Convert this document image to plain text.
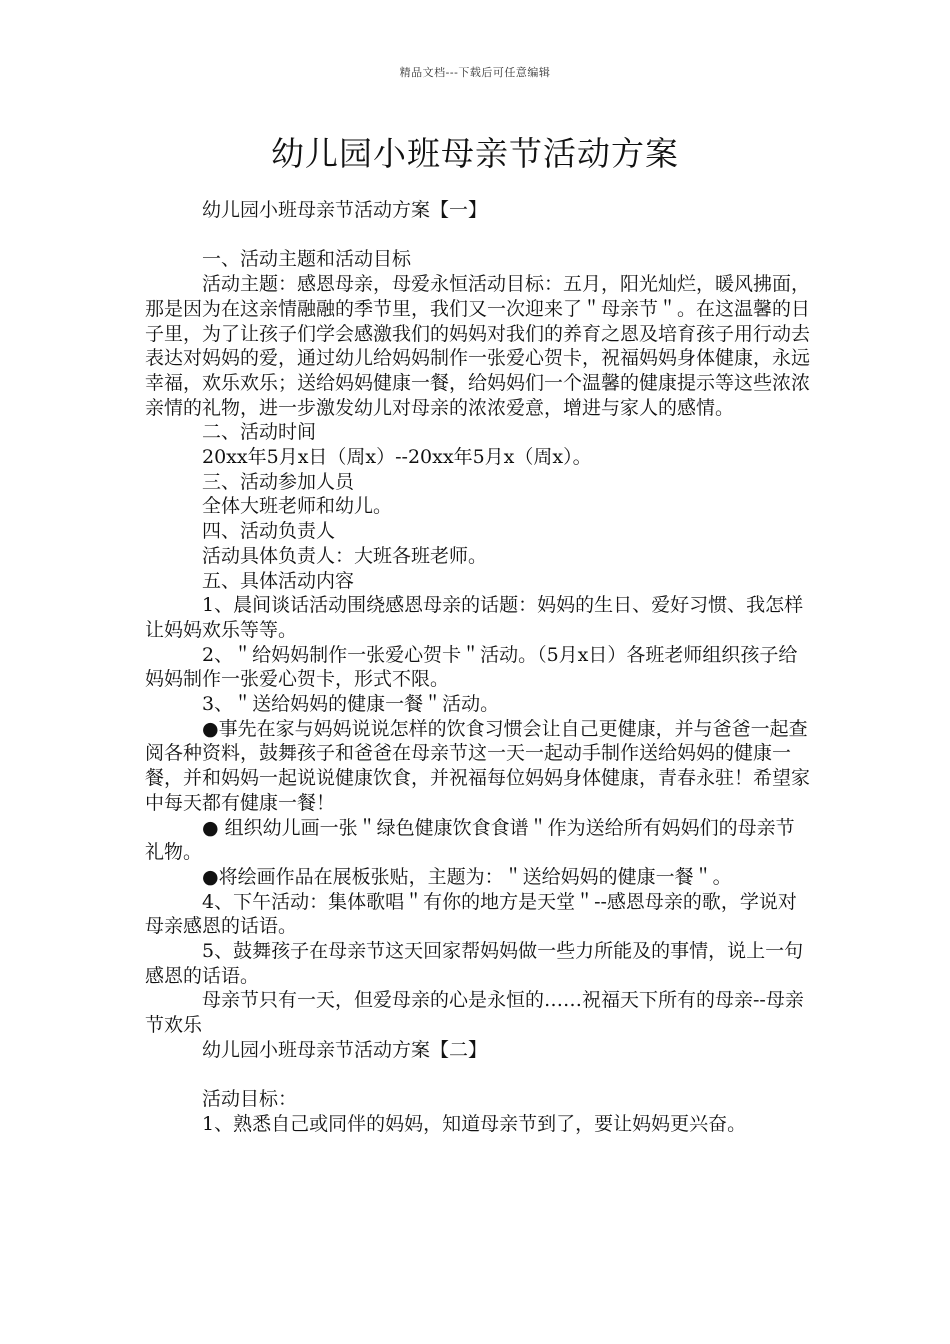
精品文档---下载后可任意编辑
幼儿园小班母亲节活动方案

幼儿园小班母亲节活动方案【一】

一、活动主题和活动目标

活动主题：感恩母亲，母爱永恒活动目标：五月，阳光灿烂，暖风拂面，那是因为在这亲情融融的季节里，我们又一次迎来了＂母亲节＂。在这温馨的日子里，为了让孩子们学会感激我们的妈妈对我们的养育之恩及培育孩子用行动去表达对妈妈的爱，通过幼儿给妈妈制作一张爱心贺卡，祝福妈妈身体健康，永远幸福，欢乐欢乐；送给妈妈健康一餐，给妈妈们一个温馨的健康提示等这些浓浓亲情的礼物，进一步激发幼儿对母亲的浓浓爱意，增进与家人的感情。

二、活动时间

20xx年5月x日（周x）--20xx年5月x（周x）。

三、活动参加人员

全体大班老师和幼儿。

四、活动负责人

活动具体负责人：大班各班老师。

五、具体活动内容

1、晨间谈话活动围绕感恩母亲的话题：妈妈的生日、爱好习惯、我怎样让妈妈欢乐等等。

2、＂给妈妈制作一张爱心贺卡＂活动。（5月x日）各班老师组织孩子给妈妈制作一张爱心贺卡，形式不限。

3、＂送给妈妈的健康一餐＂活动。

●事先在家与妈妈说说怎样的饮食习惯会让自己更健康，并与爸爸一起查阅各种资料，鼓舞孩子和爸爸在母亲节这一天一起动手制作送给妈妈的健康一餐，并和妈妈一起说说健康饮食，并祝福每位妈妈身体健康，青春永驻！希望家中每天都有健康一餐！

● 组织幼儿画一张＂绿色健康饮食食谱＂作为送给所有妈妈们的母亲节礼物。

●将绘画作品在展板张贴，主题为：＂送给妈妈的健康一餐＂。

4、下午活动：集体歌唱＂有你的地方是天堂＂--感恩母亲的歌，学说对母亲感恩的话语。

5、鼓舞孩子在母亲节这天回家帮妈妈做一些力所能及的事情，说上一句感恩的话语。

母亲节只有一天，但爱母亲的心是永恒的……祝福天下所有的母亲--母亲节欢乐

幼儿园小班母亲节活动方案【二】

活动目标：

1、熟悉自己或同伴的妈妈，知道母亲节到了，要让妈妈更兴奋。
